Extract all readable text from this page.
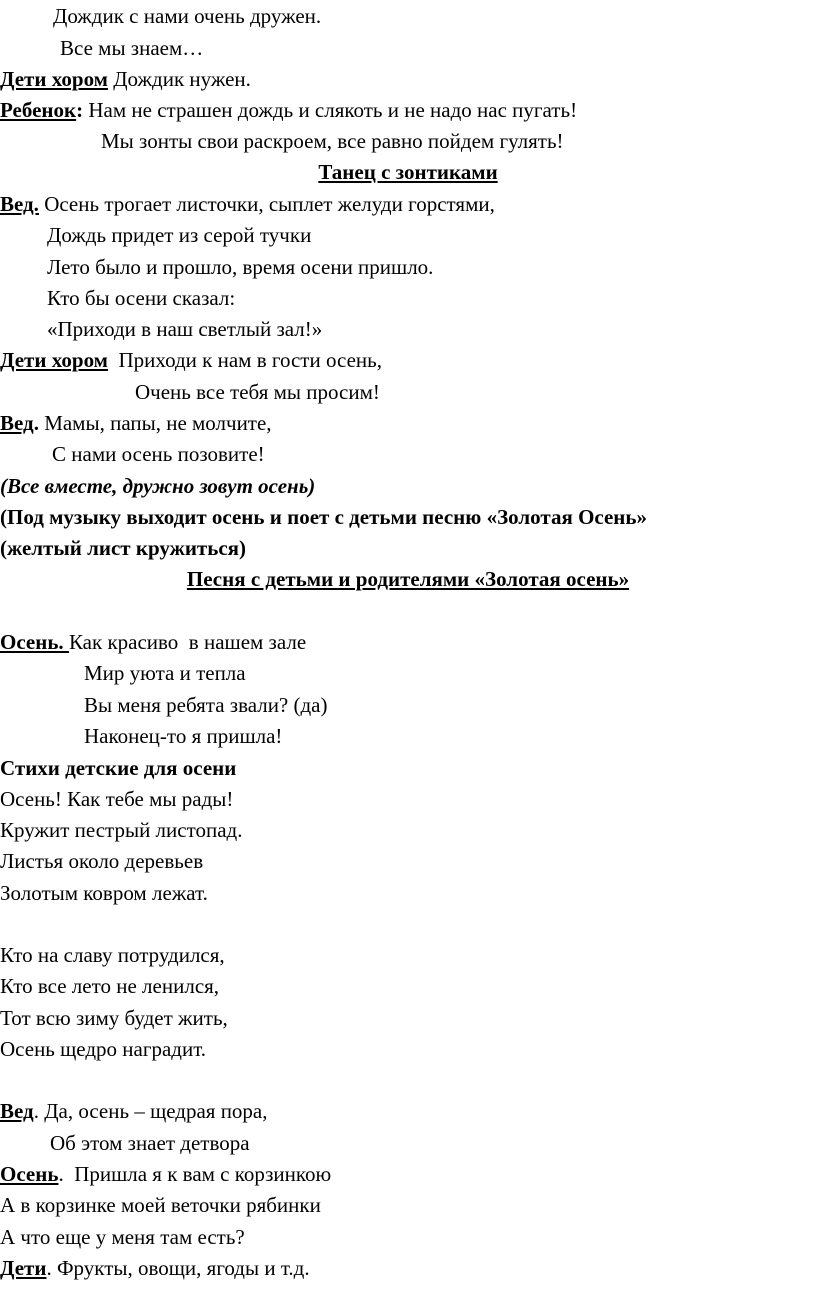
Дождик с нами очень дружен.
Все мы знаем…
Дети хором Дождик нужен.
Ребенок: Нам не страшен дождь и слякоть и не надо нас пугать!
Мы зонты свои раскроем, все равно пойдем гулять!
Танец с зонтиками
Вед. Осень трогает листочки, сыплет желуди горстями,
Дождь придет из серой тучки
Лето было и прошло, время осени пришло.
Кто бы осени сказал:
«Приходи в наш светлый зал!»
Дети хором  Приходи к нам в гости осень,
Очень все тебя мы просим!
Вед. Мамы, папы, не молчите,
С нами осень позовите!
(Все вместе, дружно зовут осень)
(Под музыку выходит осень и поет с детьми песню «Золотая Осень»
(желтый лист кружиться)
Песня с детьми и родителями «Золотая осень»
Осень. Как красиво  в нашем зале
Мир уюта и тепла
Вы меня ребята звали? (да)
Наконец-то я пришла!
Стихи детские для осени
Осень! Как тебе мы рады!
Кружит пестрый листопад.
Листья около деревьев
Золотым ковром лежат.
Кто на славу потрудился,
Кто все лето не ленился,
Тот всю зиму будет жить,
Осень щедро наградит.
Вед. Да, осень – щедрая пора,
Об этом знает детвора
Осень.  Пришла я к вам с корзинкою
А в корзинке моей веточки рябинки
А что еще у меня там есть?
Дети. Фрукты, овощи, ягоды и т.д.
